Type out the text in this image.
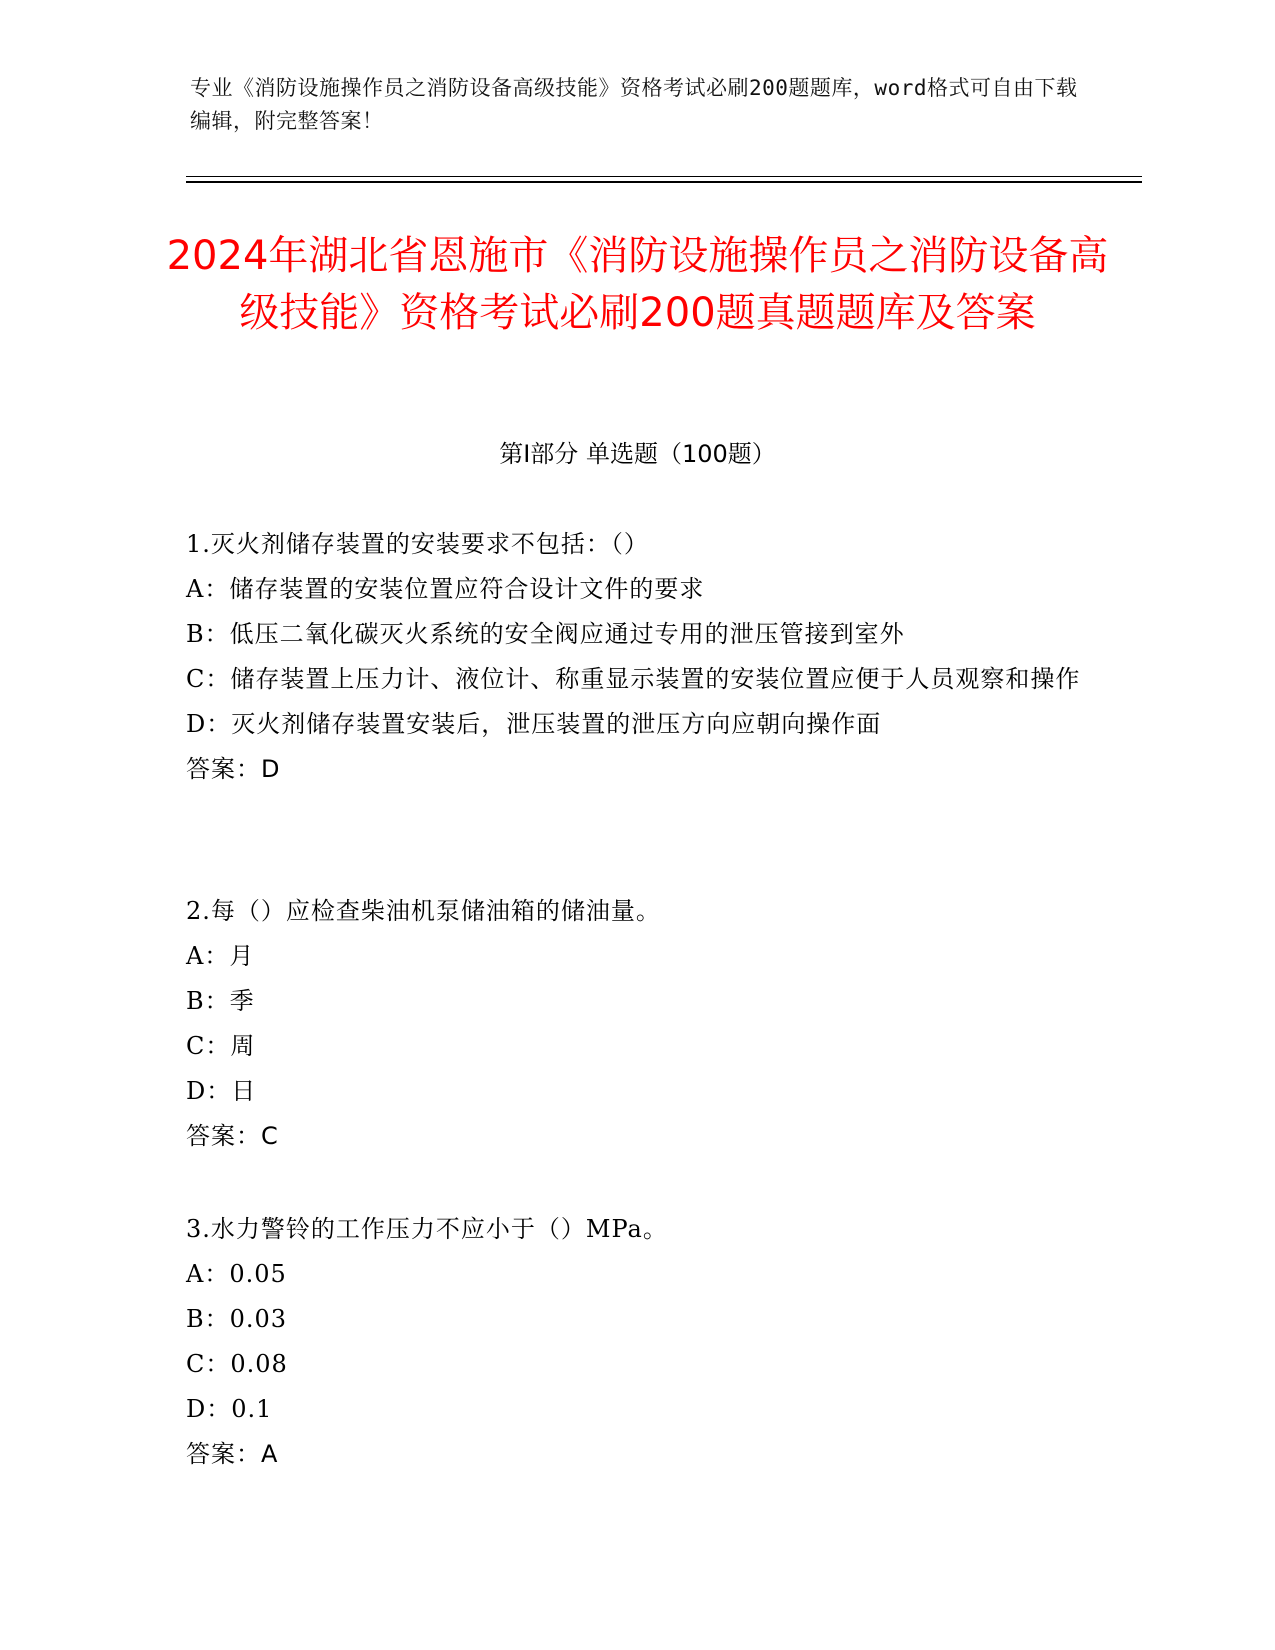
专业《消防设施操作员之消防设备高级技能》资格考试必刷200题题库，word格式可自由下载编辑，附完整答案！
2024年湖北省恩施市《消防设施操作员之消防设备高级技能》资格考试必刷200题真题题库及答案
第Ⅰ部分 单选题（100题）
1.灭火剂储存装置的安装要求不包括：（）
A：储存装置的安装位置应符合设计文件的要求
B：低压二氧化碳灭火系统的安全阀应通过专用的泄压管接到室外
C：储存装置上压力计、液位计、称重显示装置的安装位置应便于人员观察和操作
D：灭火剂储存装置安装后，泄压装置的泄压方向应朝向操作面
答案：D
2.每（）应检查柴油机泵储油箱的储油量。
A：月
B：季
C：周
D：日
答案：C
3.水力警铃的工作压力不应小于（）MPa。
A：0.05
B：0.03
C：0.08
D：0.1
答案：A
